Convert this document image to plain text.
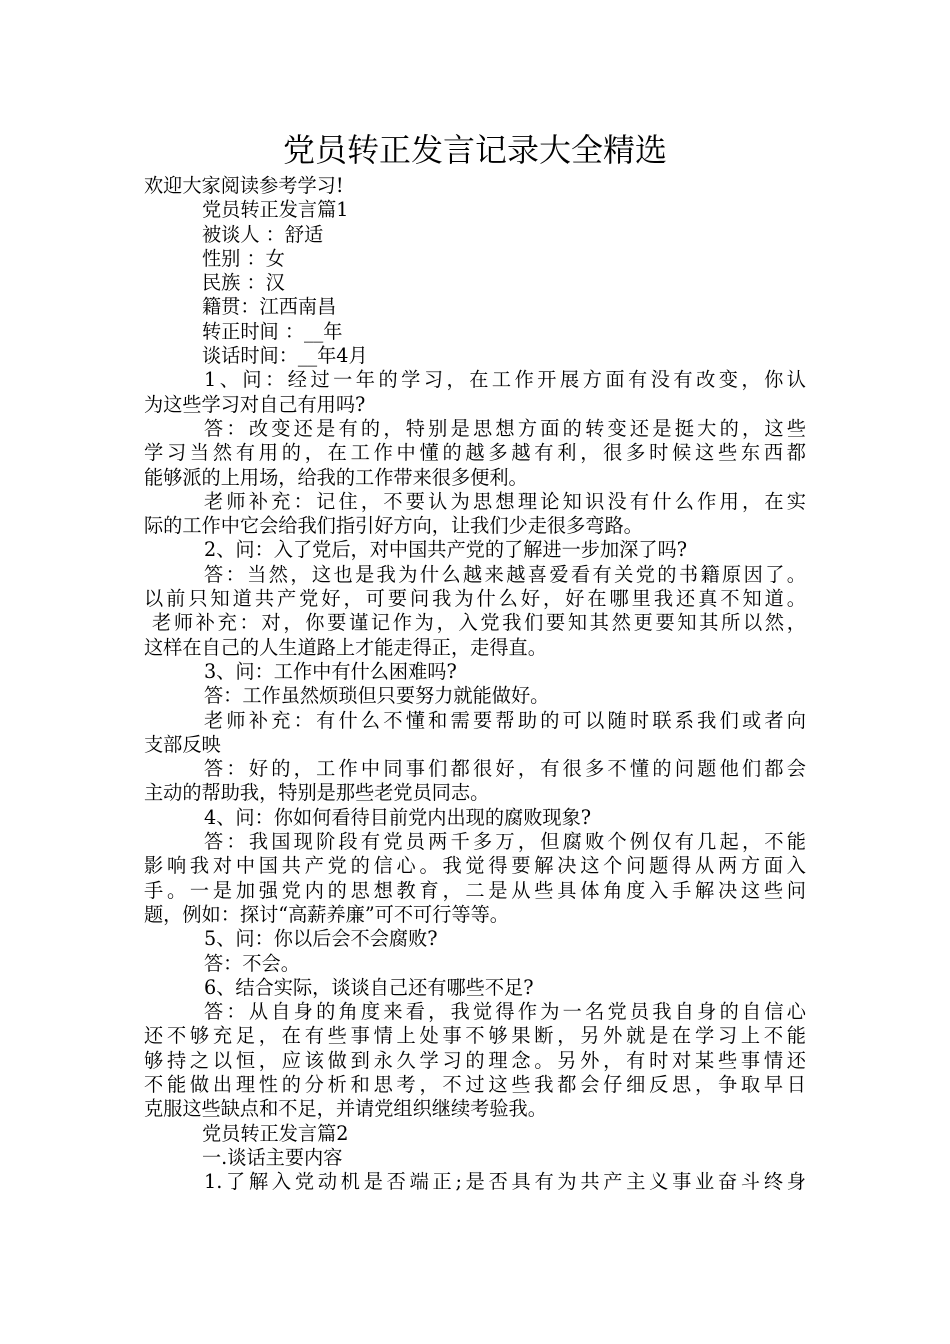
党员转正发言记录大全精选
欢迎大家阅读参考学习!
党员转正发言篇1
被谈人 ：舒适
性别 ：女
民族 ：汉
籍贯：江西南昌
转正时间 ：__年
谈话时间：__年4月
1、问：经过一年的学习，在工作开展方面有没有改变，你认
为这些学习对自己有用吗?
答：改变还是有的，特别是思想方面的转变还是挺大的，这些
学习当然有用的，在工作中懂的越多越有利，很多时候这些东西都
能够派的上用场，给我的工作带来很多便利。
老师补充：记住，不要认为思想理论知识没有什么作用，在实
际的工作中它会给我们指引好方向，让我们少走很多弯路。
2、问：入了党后，对中国共产党的了解进一步加深了吗?
答：当然，这也是我为什么越来越喜爱看有关党的书籍原因了。
以前只知道共产党好，可要问我为什么好，好在哪里我还真不知道。
老师补充：对，你要谨记作为，入党我们要知其然更要知其所以然，
这样在自己的人生道路上才能走得正，走得直。
3、问：工作中有什么困难吗?
答：工作虽然烦琐但只要努力就能做好。
老师补充：有什么不懂和需要帮助的可以随时联系我们或者向
支部反映
答：好的，工作中同事们都很好，有很多不懂的问题他们都会
主动的帮助我，特别是那些老党员同志。
4、问：你如何看待目前党内出现的腐败现象?
答：我国现阶段有党员两千多万，但腐败个例仅有几起，不能
影响我对中国共产党的信心。我觉得要解决这个问题得从两方面入
手。一是加强党内的思想教育，二是从些具体角度入手解决这些问
题，例如：探讨“高薪养廉”可不可行等等。
5、问：你以后会不会腐败?
答：不会。
6、结合实际，谈谈自己还有哪些不足?
答：从自身的角度来看，我觉得作为一名党员我自身的自信心
还不够充足，在有些事情上处事不够果断，另外就是在学习上不能
够持之以恒，应该做到永久学习的理念。另外，有时对某些事情还
不能做出理性的分析和思考，不过这些我都会仔细反思，争取早日
克服这些缺点和不足，并请党组织继续考验我。
党员转正发言篇2
一.谈话主要内容
1.了解入党动机是否端正;是否具有为共产主义事业奋斗终身
